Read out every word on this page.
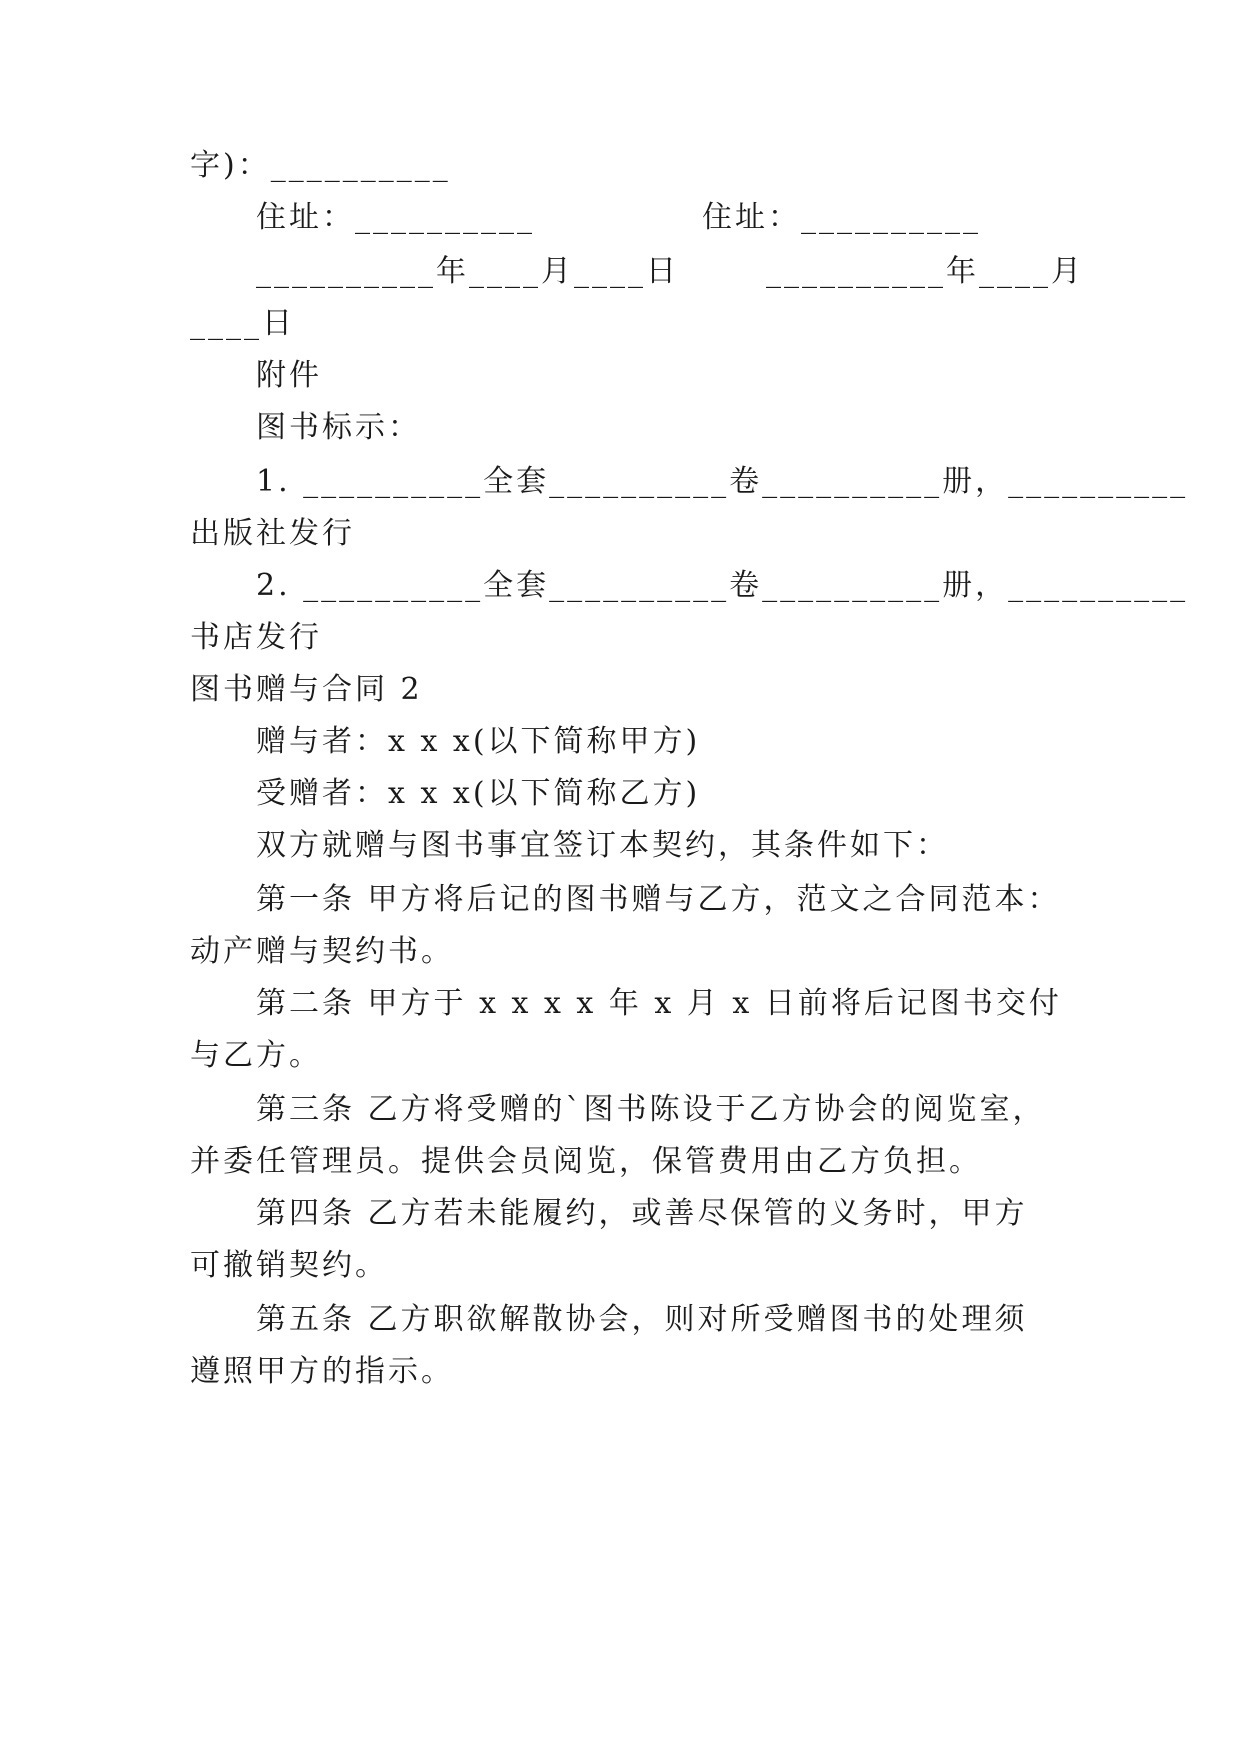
字)：__________
住址：__________	住址：__________
__________年____月____日	__________年____月
____日
附件
图书标示：
1. __________全套__________卷__________册，__________
出版社发行
2. __________全套__________卷__________册，__________
书店发行
图书赠与合同 2
赠与者：x x x(以下简称甲方)
受赠者：x x x(以下简称乙方)
双方就赠与图书事宜签订本契约，其条件如下：
第一条 甲方将后记的图书赠与乙方，范文之合同范本：
动产赠与契约书。
第二条 甲方于 x x x x 年 x 月 x 日前将后记图书交付
与乙方。
第三条 乙方将受赠的`图书陈设于乙方协会的阅览室，
并委任管理员。提供会员阅览，保管费用由乙方负担。
第四条 乙方若未能履约，或善尽保管的义务时，甲方
可撤销契约。
第五条 乙方职欲解散协会，则对所受赠图书的处理须
遵照甲方的指示。
